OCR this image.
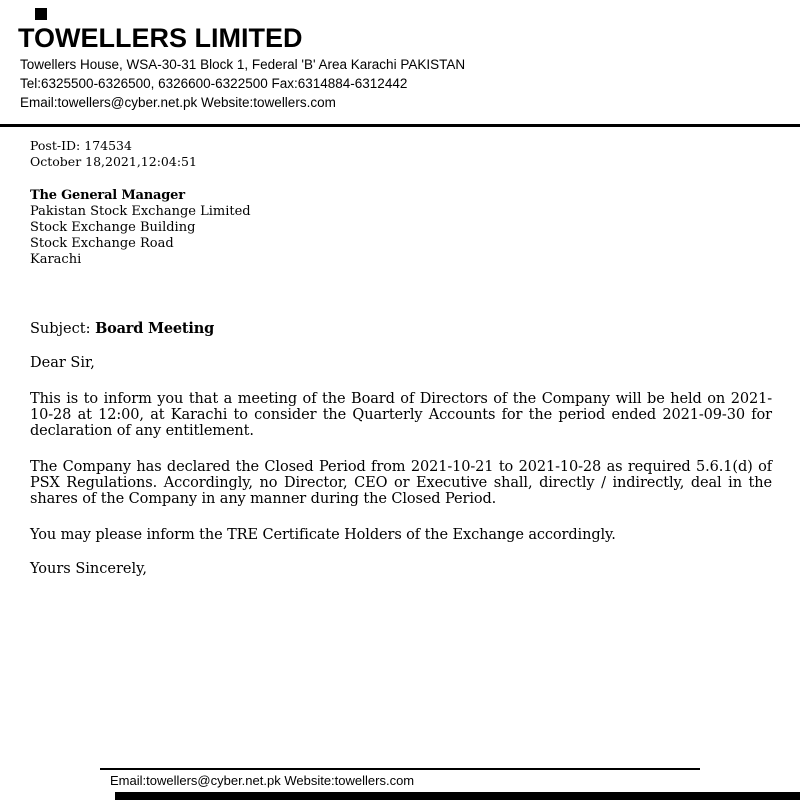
TOWELLERS LIMITED
Towellers House, WSA-30-31 Block 1, Federal 'B' Area Karachi PAKISTAN
Tel:6325500-6326500, 6326600-6322500 Fax:6314884-6312442
Email:towellers@cyber.net.pk Website:towellers.com
Post-ID: 174534
October 18,2021,12:04:51
The General Manager
Pakistan Stock Exchange Limited
Stock Exchange Building
Stock Exchange Road
Karachi
Subject: Board Meeting
Dear Sir,

This is to inform you that a meeting of the Board of Directors of the Company will be held on 2021-10-28 at 12:00, at Karachi to consider the Quarterly Accounts for the period ended 2021-09-30 for declaration of any entitlement.

The Company has declared the Closed Period from 2021-10-21 to 2021-10-28 as required 5.6.1(d) of PSX Regulations. Accordingly, no Director, CEO or Executive shall, directly / indirectly, deal in the shares of the Company in any manner during the Closed Period.

You may please inform the TRE Certificate Holders of the Exchange accordingly.

Yours Sincerely,
Email:towellers@cyber.net.pk Website:towellers.com
